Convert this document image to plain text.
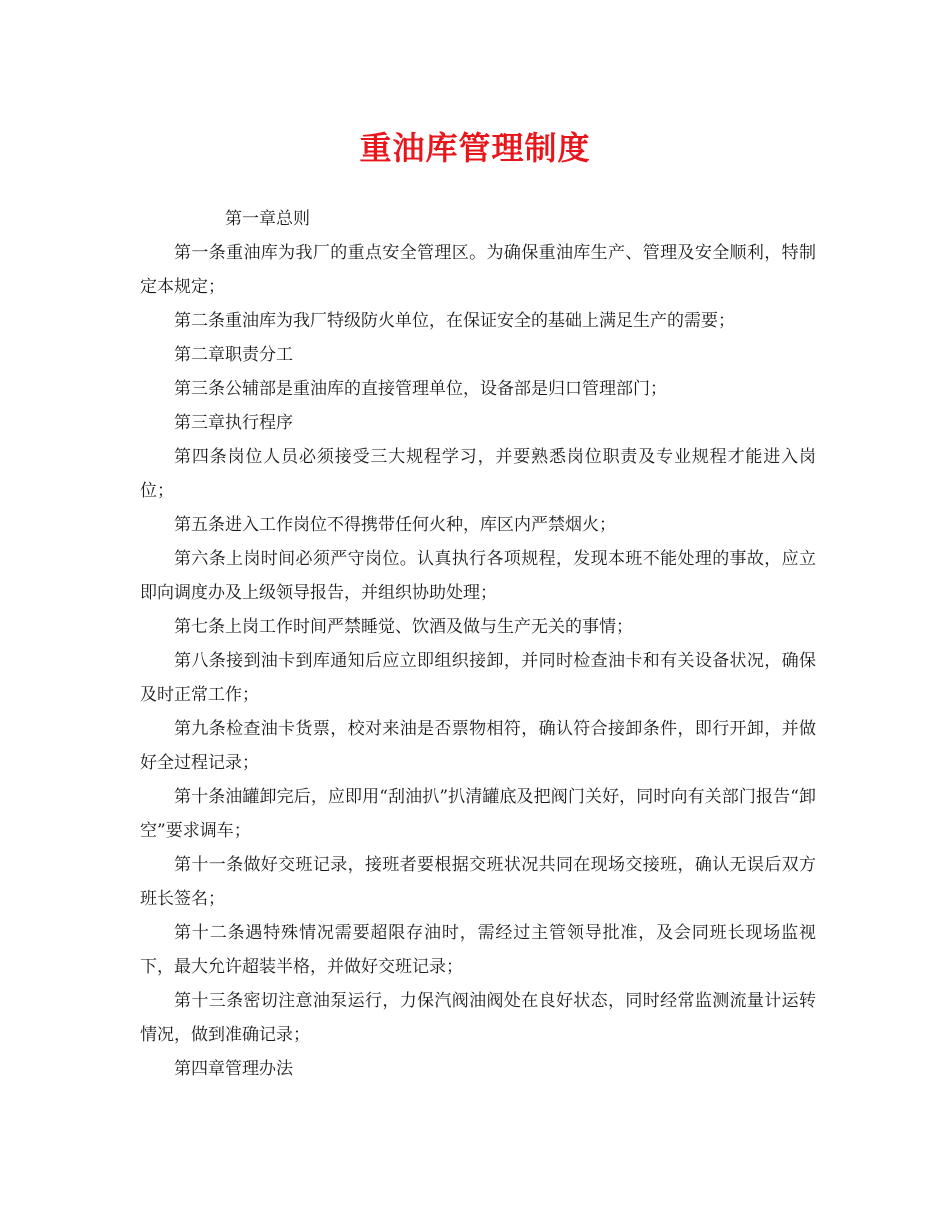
重油库管理制度

第一章总则

第一条重油库为我厂的重点安全管理区。为确保重油库生产、管理及安全顺利，特制定本规定；

第二条重油库为我厂特级防火单位，在保证安全的基础上满足生产的需要；

第二章职责分工

第三条公辅部是重油库的直接管理单位，设备部是归口管理部门；

第三章执行程序

第四条岗位人员必须接受三大规程学习，并要熟悉岗位职责及专业规程才能进入岗位；

第五条进入工作岗位不得携带任何火种，库区内严禁烟火；

第六条上岗时间必须严守岗位。认真执行各项规程，发现本班不能处理的事故，应立即向调度办及上级领导报告，并组织协助处理；

第七条上岗工作时间严禁睡觉、饮酒及做与生产无关的事情；

第八条接到油卡到库通知后应立即组织接卸，并同时检查油卡和有关设备状况，确保及时正常工作；

第九条检查油卡货票，校对来油是否票物相符，确认符合接卸条件，即行开卸，并做好全过程记录；

第十条油罐卸完后，应即用“刮油扒”扒清罐底及把阀门关好，同时向有关部门报告“卸空”要求调车；

第十一条做好交班记录，接班者要根据交班状况共同在现场交接班，确认无误后双方班长签名；

第十二条遇特殊情况需要超限存油时，需经过主管领导批准，及会同班长现场监视下，最大允许超装半格，并做好交班记录；

第十三条密切注意油泵运行，力保汽阀油阀处在良好状态，同时经常监测流量计运转情况，做到准确记录；

第四章管理办法
